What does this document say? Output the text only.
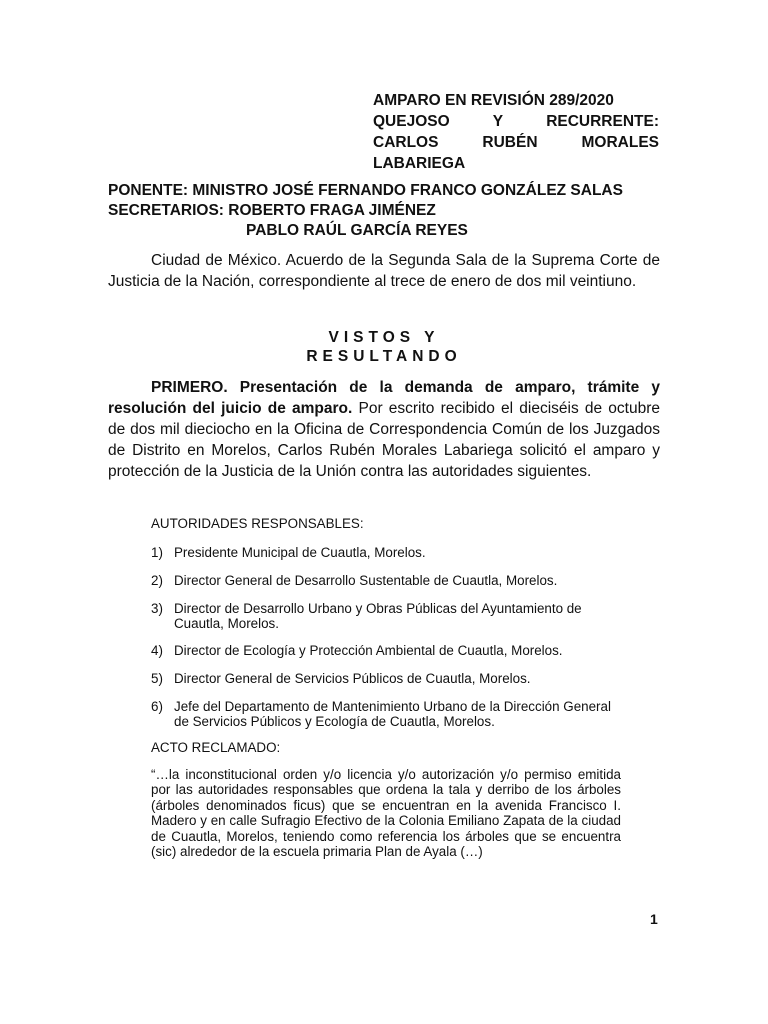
AMPARO EN REVISIÓN 289/2020
QUEJOSO Y RECURRENTE:
CARLOS RUBÉN MORALES
LABARIEGA
PONENTE: MINISTRO JOSÉ FERNANDO FRANCO GONZÁLEZ SALAS
SECRETARIOS: ROBERTO FRAGA JIMÉNEZ
PABLO RAÚL GARCÍA REYES
Ciudad de México. Acuerdo de la Segunda Sala de la Suprema Corte de Justicia de la Nación, correspondiente al trece de enero de dos mil veintiuno.
VISTOS Y
RESULTANDO
PRIMERO. Presentación de la demanda de amparo, trámite y resolución del juicio de amparo. Por escrito recibido el dieciséis de octubre de dos mil dieciocho en la Oficina de Correspondencia Común de los Juzgados de Distrito en Morelos, Carlos Rubén Morales Labariega solicitó el amparo y protección de la Justicia de la Unión contra las autoridades siguientes.
AUTORIDADES RESPONSABLES:
1) Presidente Municipal de Cuautla, Morelos.
2) Director General de Desarrollo Sustentable de Cuautla, Morelos.
3) Director de Desarrollo Urbano y Obras Públicas del Ayuntamiento de Cuautla, Morelos.
4) Director de Ecología y Protección Ambiental de Cuautla, Morelos.
5) Director General de Servicios Públicos de Cuautla, Morelos.
6) Jefe del Departamento de Mantenimiento Urbano de la Dirección General de Servicios Públicos y Ecología de Cuautla, Morelos.
ACTO RECLAMADO:
“…la inconstitucional orden y/o licencia y/o autorización y/o permiso emitida por las autoridades responsables que ordena la tala y derribo de los árboles (árboles denominados ficus) que se encuentran en la avenida Francisco I. Madero y en calle Sufragio Efectivo de la Colonia Emiliano Zapata de la ciudad de Cuautla, Morelos, teniendo como referencia los árboles que se encuentra (sic) alrededor de la escuela primaria Plan de Ayala (…)
1
